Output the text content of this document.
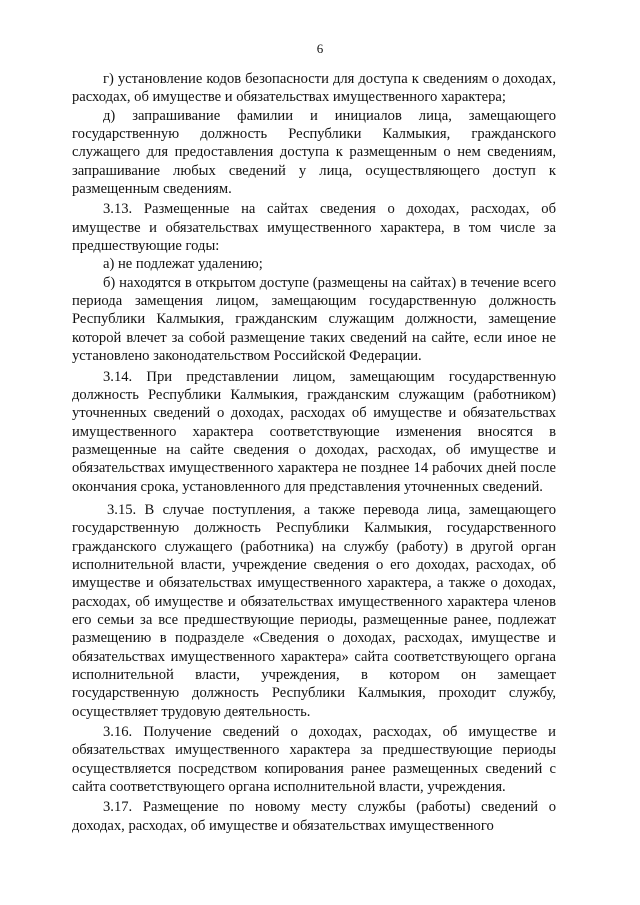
6

г) установление кодов безопасности для доступа к сведениям о доходах, расходах, об имуществе и обязательствах имущественного характера;

д) запрашивание фамилии и инициалов лица, замещающего государственную должность Республики Калмыкия, гражданского служащего для предоставления доступа к размещенным о нем сведениям, запрашивание любых сведений у лица, осуществляющего доступ к размещенным сведениям.

3.13. Размещенные на сайтах сведения о доходах, расходах, об имуществе и обязательствах имущественного характера, в том числе за предшествующие годы:

а) не подлежат удалению;

б) находятся в открытом доступе (размещены на сайтах) в течение всего периода замещения лицом, замещающим государственную должность Республики Калмыкия, гражданским служащим должности, замещение которой влечет за собой размещение таких сведений на сайте, если иное не установлено законодательством Российской Федерации.

3.14. При представлении лицом, замещающим государственную должность Республики Калмыкия, гражданским служащим (работником) уточненных сведений о доходах, расходах об имуществе и обязательствах имущественного характера соответствующие изменения вносятся в размещенные на сайте сведения о доходах, расходах, об имуществе и обязательствах имущественного характера не позднее 14 рабочих дней после окончания срока, установленного для представления уточненных сведений.

3.15. В случае поступления, а также перевода лица, замещающего государственную должность Республики Калмыкия, государственного гражданского служащего (работника) на службу (работу) в другой орган исполнительной власти, учреждение сведения о его доходах, расходах, об имуществе и обязательствах имущественного характера, а также о доходах, расходах, об имуществе и обязательствах имущественного характера членов его семьи за все предшествующие периоды, размещенные ранее, подлежат размещению в подразделе «Сведения о доходах, расходах, имуществе и обязательствах имущественного характера» сайта соответствующего органа исполнительной власти, учреждения, в котором он замещает государственную должность Республики Калмыкия, проходит службу, осуществляет трудовую деятельность.

3.16. Получение сведений о доходах, расходах, об имуществе и обязательствах имущественного характера за предшествующие периоды осуществляется посредством копирования ранее размещенных сведений с сайта соответствующего органа исполнительной власти, учреждения.

3.17. Размещение по новому месту службы (работы) сведений о доходах, расходах, об имуществе и обязательствах имущественного
